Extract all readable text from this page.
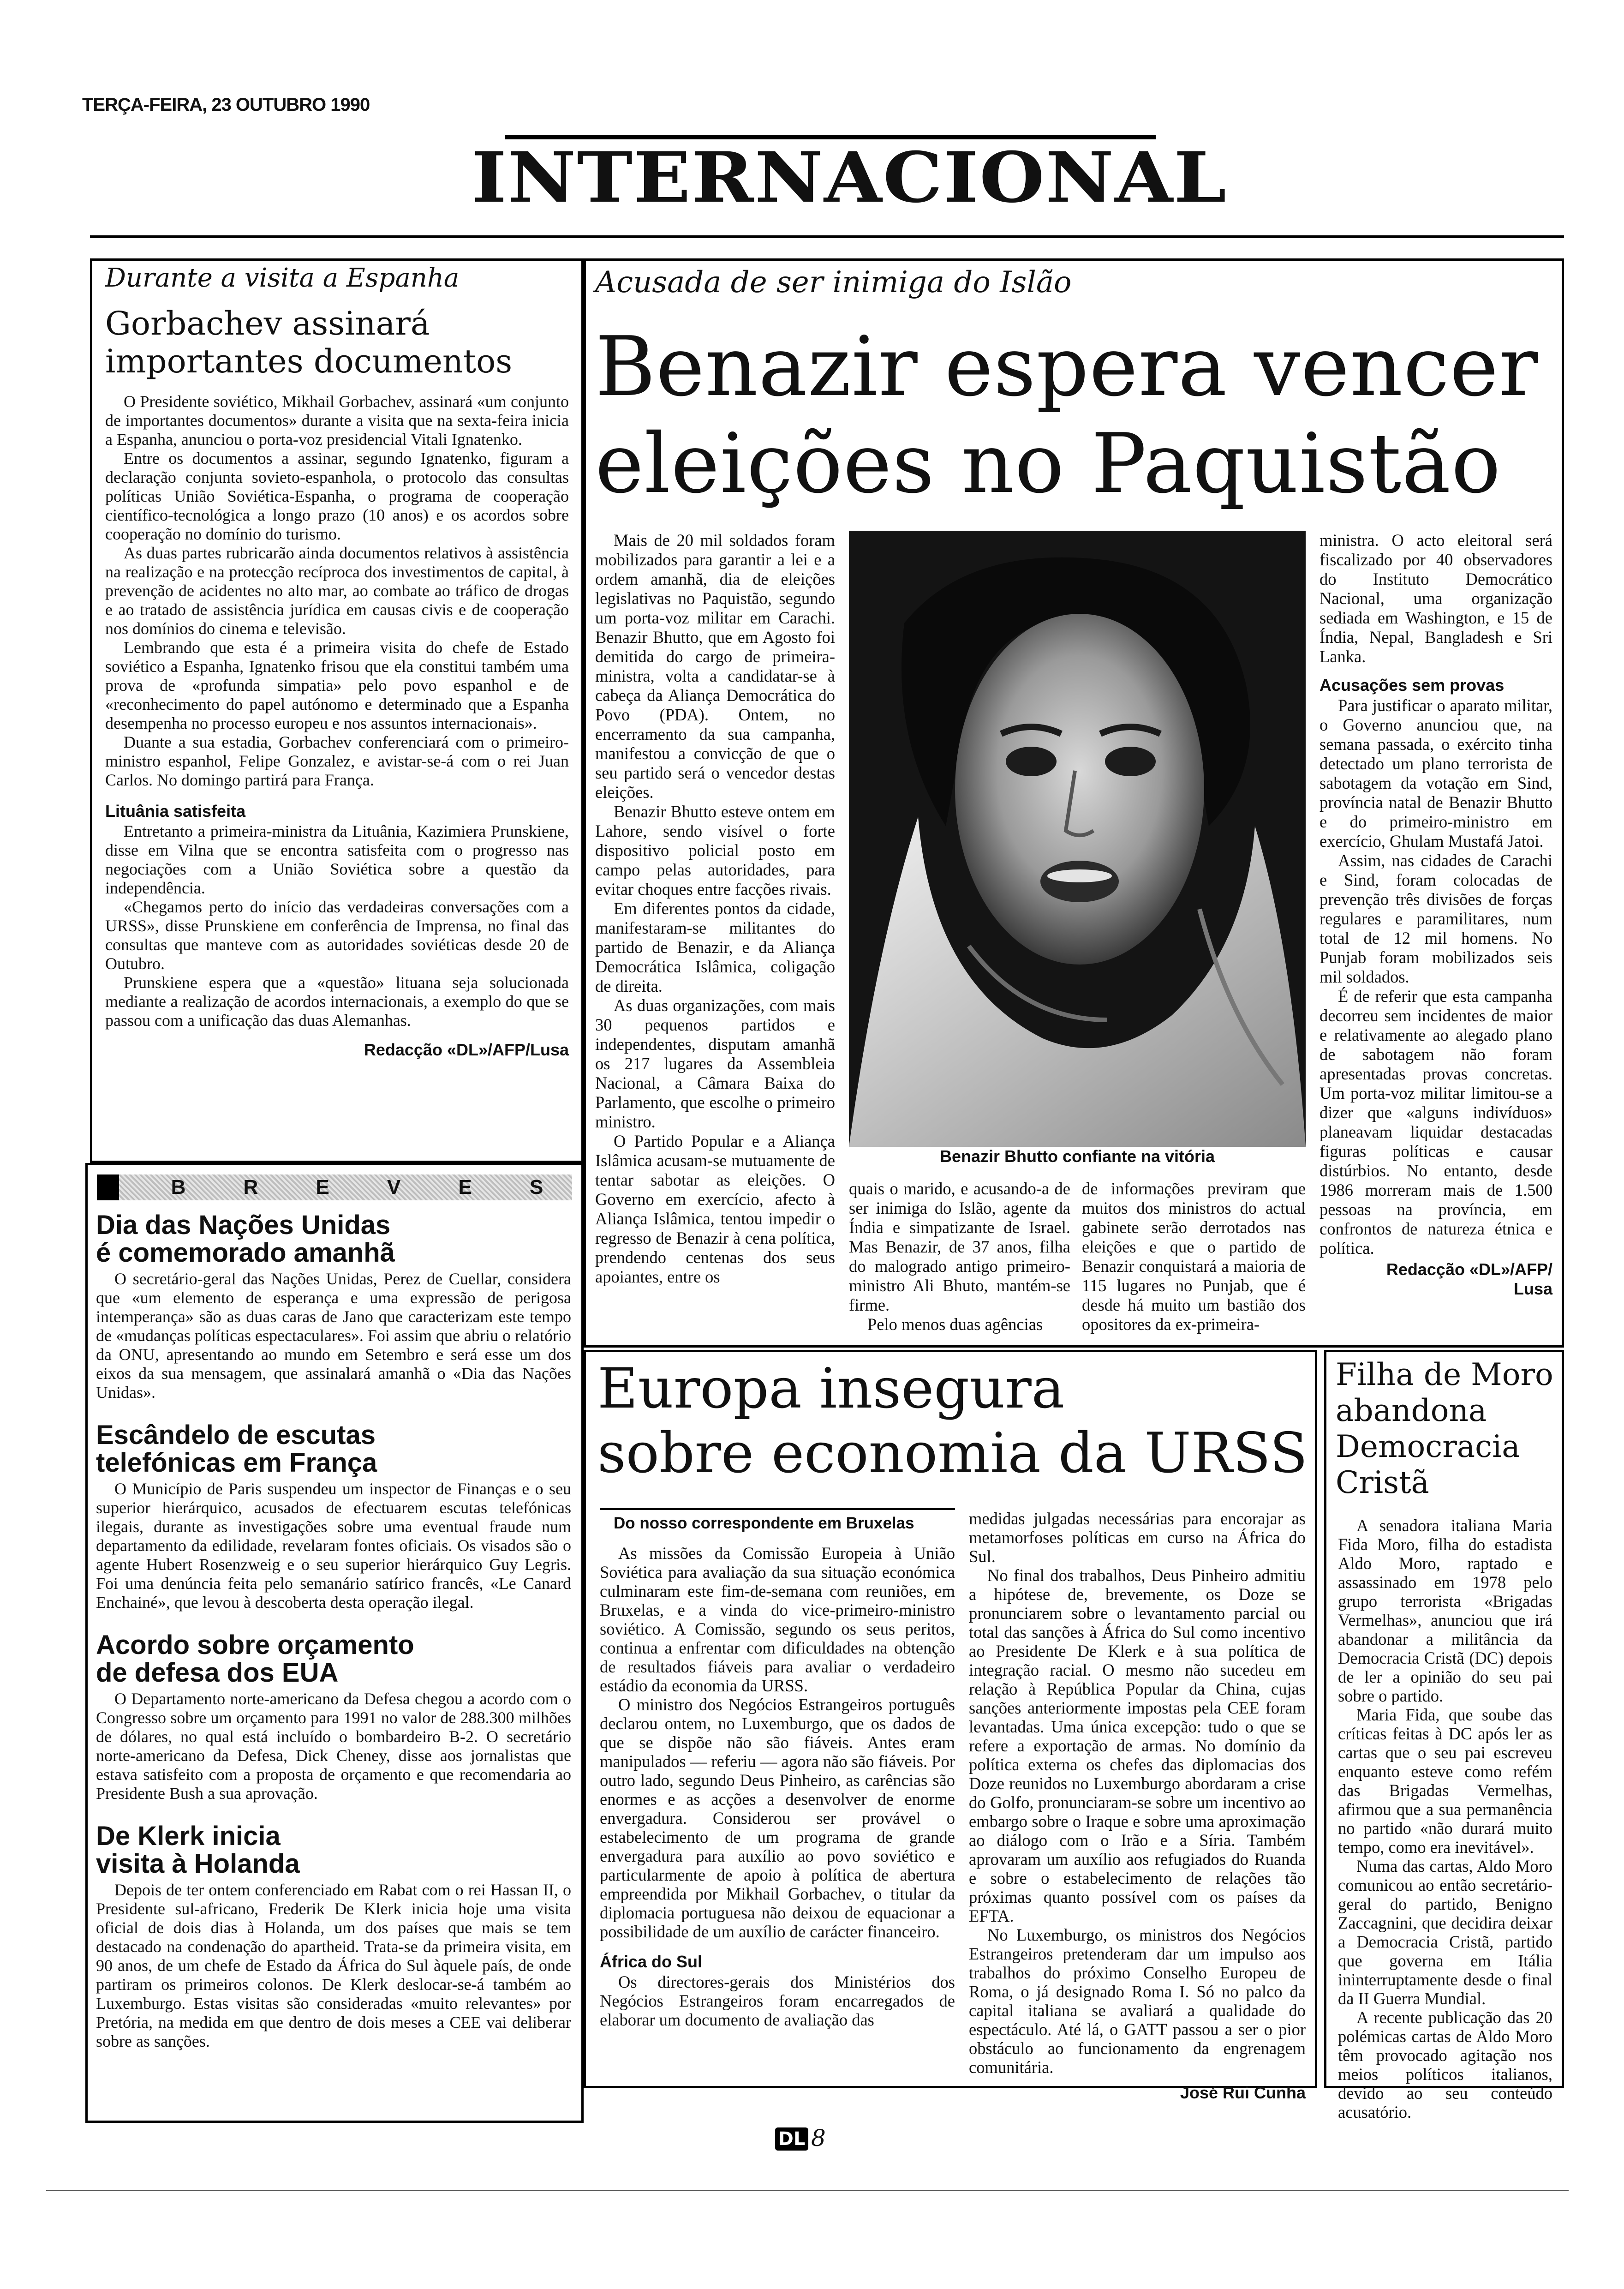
TERÇA-FEIRA, 23 OUTUBRO 1990
INTERNACIONAL
Durante a visita a Espanha
Gorbachev assinará
importantes documentos

O Presidente soviético, Mikhail Gorbachev, assinará «um conjunto de importantes documentos» durante a visita que na sexta-feira inicia a Espanha, anunciou o porta-voz presidencial Vitali Ignatenko.

Entre os documentos a assinar, segundo Ignatenko, figuram a declaração conjunta sovieto-espanhola, o protocolo das consultas políticas União Soviética-Espanha, o programa de cooperação científico-tecnológica a longo prazo (10 anos) e os acordos sobre cooperação no domínio do turismo.

As duas partes rubricarão ainda documentos relativos à assistência na realização e na protecção recíproca dos investimentos de capital, à prevenção de acidentes no alto mar, ao combate ao tráfico de drogas e ao tratado de assistência jurídica em causas civis e de cooperação nos domínios do cinema e televisão.

Lembrando que esta é a primeira visita do chefe de Estado soviético a Espanha, Ignatenko frisou que ela constitui também uma prova de «profunda simpatia» pelo povo espanhol e de «reconhecimento do papel autónomo e determinado que a Espanha desempenha no processo europeu e nos assuntos internacionais».

Duante a sua estadia, Gorbachev conferenciará com o primeiro-ministro espanhol, Felipe Gonzalez, e avistar-se-á com o rei Juan Carlos. No domingo partirá para França.

Lituânia satisfeita

Entretanto a primeira-ministra da Lituânia, Kazimiera Prunskiene, disse em Vilna que se encontra satisfeita com o progresso nas negociações com a União Soviética sobre a questão da independência.

«Chegamos perto do início das verdadeiras conversações com a URSS», disse Prunskiene em conferência de Imprensa, no final das consultas que manteve com as autoridades soviéticas desde 20 de Outubro.

Prunskiene espera que a «questão» lituana seja solucionada mediante a realização de acordos internacionais, a exemplo do que se passou com a unificação das duas Alemanhas.

Redacção «DL»/AFP/Lusa
B	R	E	V	E	S
Dia das Nações Unidas
é comemorado amanhã
O secretário-geral das Nações Unidas, Perez de Cuellar, considera que «um elemento de esperança e uma expressão de perigosa intemperança» são as duas caras de Jano que caracterizam este tempo de «mudanças políticas espectaculares». Foi assim que abriu o relatório da ONU, apresentando ao mundo em Setembro e será esse um dos eixos da sua mensagem, que assinalará amanhã o «Dia das Nações Unidas».
Escândelo de escutas
telefónicas em França
O Município de Paris suspendeu um inspector de Finanças e o seu superior hierárquico, acusados de efectuarem escutas telefónicas ilegais, durante as investigações sobre uma eventual fraude num departamento da edilidade, revelaram fontes oficiais. Os visados são o agente Hubert Rosenzweig e o seu superior hierárquico Guy Legris. Foi uma denúncia feita pelo semanário satírico francês, «Le Canard Enchainé», que levou à descoberta desta operação ilegal.
Acordo sobre orçamento
de defesa dos EUA
O Departamento norte-americano da Defesa chegou a acordo com o Congresso sobre um orçamento para 1991 no valor de 288.300 milhões de dólares, no qual está incluído o bombardeiro B-2. O secretário norte-americano da Defesa, Dick Cheney, disse aos jornalistas que estava satisfeito com a proposta de orçamento e que recomendaria ao Presidente Bush a sua aprovação.
De Klerk inicia
visita à Holanda
Depois de ter ontem conferenciado em Rabat com o rei Hassan II, o Presidente sul-africano, Frederik De Klerk inicia hoje uma visita oficial de dois dias à Holanda, um dos países que mais se tem destacado na condenação do apartheid. Trata-se da primeira visita, em 90 anos, de um chefe de Estado da África do Sul àquele país, de onde partiram os primeiros colonos. De Klerk deslocar-se-á também ao Luxemburgo. Estas visitas são consideradas «muito relevantes» por Pretória, na medida em que dentro de dois meses a CEE vai deliberar sobre as sanções.
Acusada de ser inimiga do Islão
Benazir espera vencer
eleições no Paquistão
Benazir Bhutto confiante na vitória

Mais de 20 mil soldados foram mobilizados para garantir a lei e a ordem amanhã, dia de eleições legislativas no Paquistão, segundo um porta-voz militar em Carachi. Benazir Bhutto, que em Agosto foi demitida do cargo de primeira-ministra, volta a candidatar-se à cabeça da Aliança Democrática do Povo (PDA). Ontem, no encerramento da sua campanha, manifestou a convicção de que o seu partido será o vencedor destas eleições.

Benazir Bhutto esteve ontem em Lahore, sendo visível o forte dispositivo policial posto em campo pelas autoridades, para evitar choques entre facções rivais.

Em diferentes pontos da cidade, manifestaram-se militantes do partido de Benazir, e da Aliança Democrática Islâmica, coligação de direita.

As duas organizações, com mais 30 pequenos partidos e independentes, disputam amanhã os 217 lugares da Assembleia Nacional, a Câmara Baixa do Parlamento, que escolhe o primeiro ministro.

O Partido Popular e a Aliança Islâmica acusam-se mutuamente de tentar sabotar as eleições. O Governo em exercício, afecto à Aliança Islâmica, tentou impedir o regresso de Benazir à cena política, prendendo centenas dos seus apoiantes, entre os

quais o marido, e acusando-a de ser inimiga do Islão, agente da Índia e simpatizante de Israel. Mas Benazir, de 37 anos, filha do malogrado antigo primeiro-ministro Ali Bhuto, mantém-se firme.

Pelo menos duas agências

de informações previram que muitos dos ministros do actual gabinete serão derrotados nas eleições e que o partido de Benazir conquistará a maioria de 115 lugares no Punjab, que é desde há muito um bastião dos opositores da ex-primeira-
ministra. O acto eleitoral será fiscalizado por 40 observadores do Instituto Democrático Nacional, uma organização sediada em Washington, e 15 de Índia, Nepal, Bangladesh e Sri Lanka.
Acusações sem provas

Para justificar o aparato militar, o Governo anunciou que, na semana passada, o exército tinha detectado um plano terrorista de sabotagem da votação em Sind, província natal de Benazir Bhutto e do primeiro-ministro em exercício, Ghulam Mustafá Jatoi.

Assim, nas cidades de Carachi e Sind, foram colocadas de prevenção três divisões de forças regulares e paramilitares, num total de 12 mil homens. No Punjab foram mobilizados seis mil soldados.

É de referir que esta campanha decorreu sem incidentes de maior e relativamente ao alegado plano de sabotagem não foram apresentadas provas concretas. Um porta-voz militar limitou-se a dizer que «alguns indivíduos» planeavam liquidar destacadas figuras políticas e causar distúrbios. No entanto, desde 1986 morreram mais de 1.500 pessoas na província, em confrontos de natureza étnica e política.

Redacção «DL»/AFP/
Lusa
Europa insegura
sobre economia da URSS
Do nosso correspondente em Bruxelas

As missões da Comissão Europeia à União Soviética para avaliação da sua situação económica culminaram este fim-de-semana com reuniões, em Bruxelas, e a vinda do vice-primeiro-ministro soviético. A Comissão, segundo os seus peritos, continua a enfrentar com dificuldades na obtenção de resultados fiáveis para avaliar o verdadeiro estádio da economia da URSS.

O ministro dos Negócios Estrangeiros português declarou ontem, no Luxemburgo, que os dados de que se dispõe não são fiáveis. Antes eram manipulados — referiu — agora não são fiáveis. Por outro lado, segundo Deus Pinheiro, as carências são enormes e as acções a desenvolver de enorme envergadura. Considerou ser provável o estabelecimento de um programa de grande envergadura para auxílio ao povo soviético e particularmente de apoio à política de abertura empreendida por Mikhail Gorbachev, o titular da diplomacia portuguesa não deixou de equacionar a possibilidade de um auxílio de carácter financeiro.

África do Sul

Os directores-gerais dos Ministérios dos Negócios Estrangeiros foram encarregados de elaborar um documento de avaliação das

medidas julgadas necessárias para encorajar as metamorfoses políticas em curso na África do Sul.

No final dos trabalhos, Deus Pinheiro admitiu a hipótese de, brevemente, os Doze se pronunciarem sobre o levantamento parcial ou total das sanções à África do Sul como incentivo ao Presidente De Klerk e à sua política de integração racial. O mesmo não sucedeu em relação à República Popular da China, cujas sanções anteriormente impostas pela CEE foram levantadas. Uma única excepção: tudo o que se refere a exportação de armas. No domínio da política externa os chefes das diplomacias dos Doze reunidos no Luxemburgo abordaram a crise do Golfo, pronunciaram-se sobre um incentivo ao embargo sobre o Iraque e sobre uma aproximação ao diálogo com o Irão e a Síria. Também aprovaram um auxílio aos refugiados do Ruanda e sobre o estabelecimento de relações tão próximas quanto possível com os países da EFTA.

No Luxemburgo, os ministros dos Negócios Estrangeiros pretenderam dar um impulso aos trabalhos do próximo Conselho Europeu de Roma, o já designado Roma I. Só no palco da capital italiana se avaliará a qualidade do espectáculo. Até lá, o GATT passou a ser o pior obstáculo ao funcionamento da engrenagem comunitária.

José Rui Cunha
Filha de Moro
abandona
Democracia
Cristã

A senadora italiana Maria Fida Moro, filha do estadista Aldo Moro, raptado e assassinado em 1978 pelo grupo terrorista «Brigadas Vermelhas», anunciou que irá abandonar a militância da Democracia Cristã (DC) depois de ler a opinião do seu pai sobre o partido.

Maria Fida, que soube das críticas feitas à DC após ler as cartas que o seu pai escreveu enquanto esteve como refém das Brigadas Vermelhas, afirmou que a sua permanência no partido «não durará muito tempo, como era inevitável».

Numa das cartas, Aldo Moro comunicou ao então secretário-geral do partido, Benigno Zaccagnini, que decidira deixar a Democracia Cristã, partido que governa em Itália ininterruptamente desde o final da II Guerra Mundial.

A recente publicação das 20 polémicas cartas de Aldo Moro têm provocado agitação nos meios políticos italianos, devido ao seu conteúdo acusatório.

DL 8
